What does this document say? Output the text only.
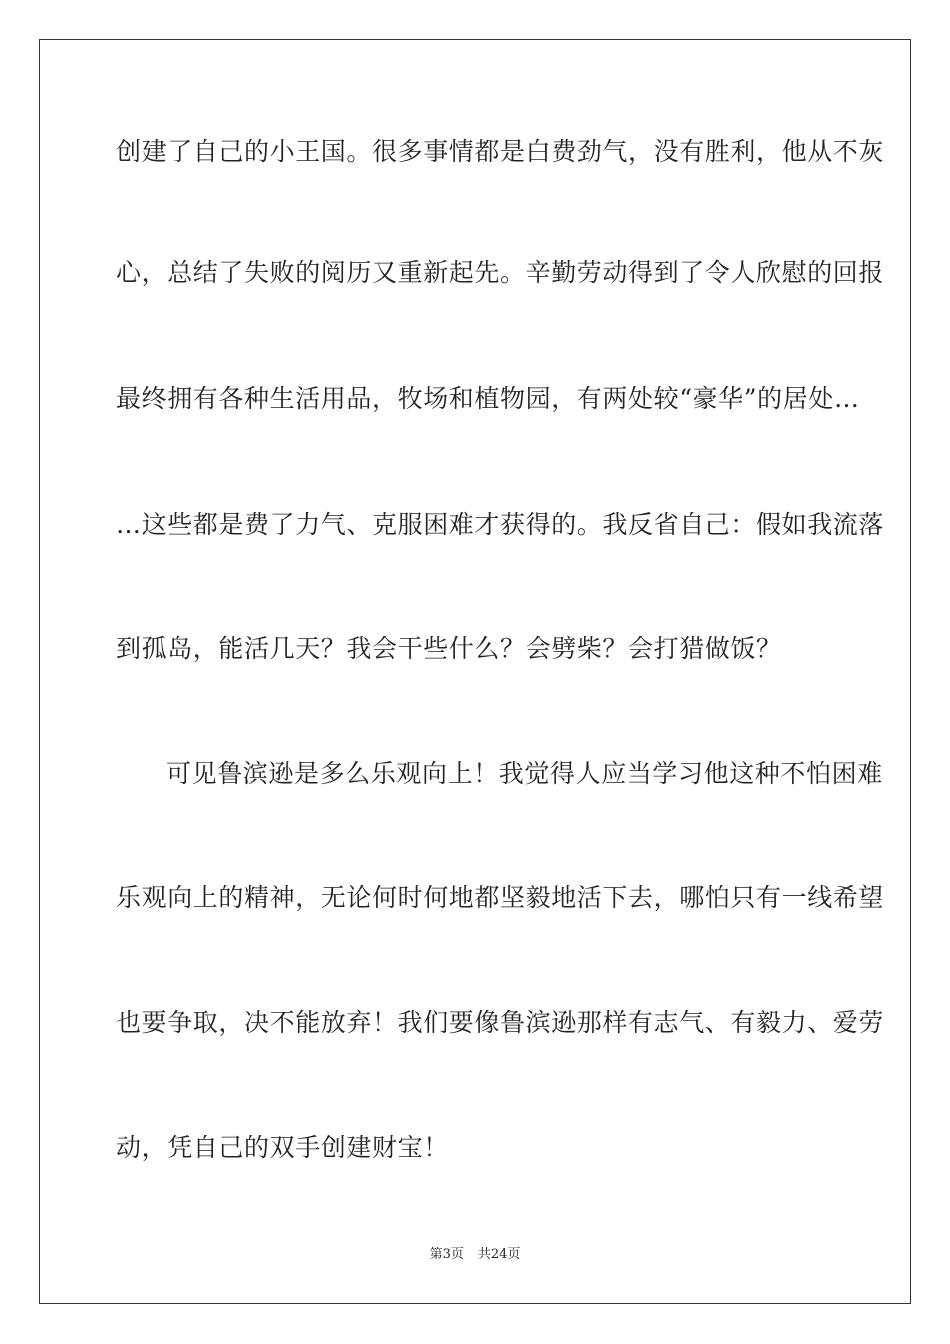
创建了自己的小王国。很多事情都是白费劲气，没有胜利，他从不灰
心，总结了失败的阅历又重新起先。辛勤劳动得到了令人欣慰的回报
最终拥有各种生活用品，牧场和植物园，有两处较“豪华”的居处…
…这些都是费了力气、克服困难才获得的。我反省自己：假如我流落
到孤岛，能活几天？我会干些什么？会劈柴？会打猎做饭？
可见鲁滨逊是多么乐观向上！我觉得人应当学习他这种不怕困难
乐观向上的精神，无论何时何地都坚毅地活下去，哪怕只有一线希望
也要争取，决不能放弃！我们要像鲁滨逊那样有志气、有毅力、爱劳
动，凭自己的双手创建财宝！
第3页 共24页
